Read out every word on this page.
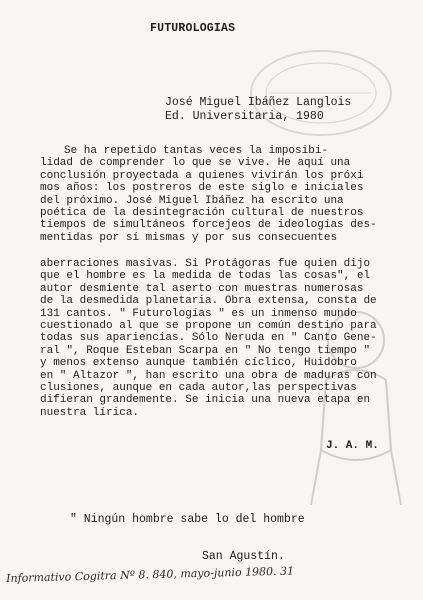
FUTUROLOGIAS
José Miguel Ibáñez Langlois
Ed. Universitaria, 1980
Se ha repetido tantas veces la imposibi-
lidad de comprender lo que se vive. He aquí una
conclusión proyectada a quienes vivirán los próxi
mos años: los postreros de este siglo e iniciales
del próximo. José Miguel Ibáñez ha escrito una
poética de la desintegración cultural de nuestros
tiempos de simultáneos forcejeos de ideologías des-
mentidas por sí mismas y por sus consecuentes
aberraciones masivas. Si Protágoras fue quien dijo
que el hombre es la medida de todas las cosas", el
autor desmiente tal aserto con muestras numerosas
de la desmedida planetaria. Obra extensa, consta de
131 cantos. " Futurologías " es un inmenso mundo
cuestionado al que se propone un común destino para
todas sus apariencias. Sólo Neruda en " Canto Gene-
ral ", Roque Esteban Scarpa en " No tengo tiempo "
y menos extenso aunque también cíclico, Huidobro
en " Altazor ", han escrito una obra de maduras con
clusiones, aunque en cada autor,las perspectivas
difieran grandemente. Se inicia una nueva etapa en
nuestra lírica.
J. A. M.
" Ningún hombre sabe lo del hombre
San Agustín.
Informativo Cogitra Nº 8. 840, mayo-junio 1980. 31
